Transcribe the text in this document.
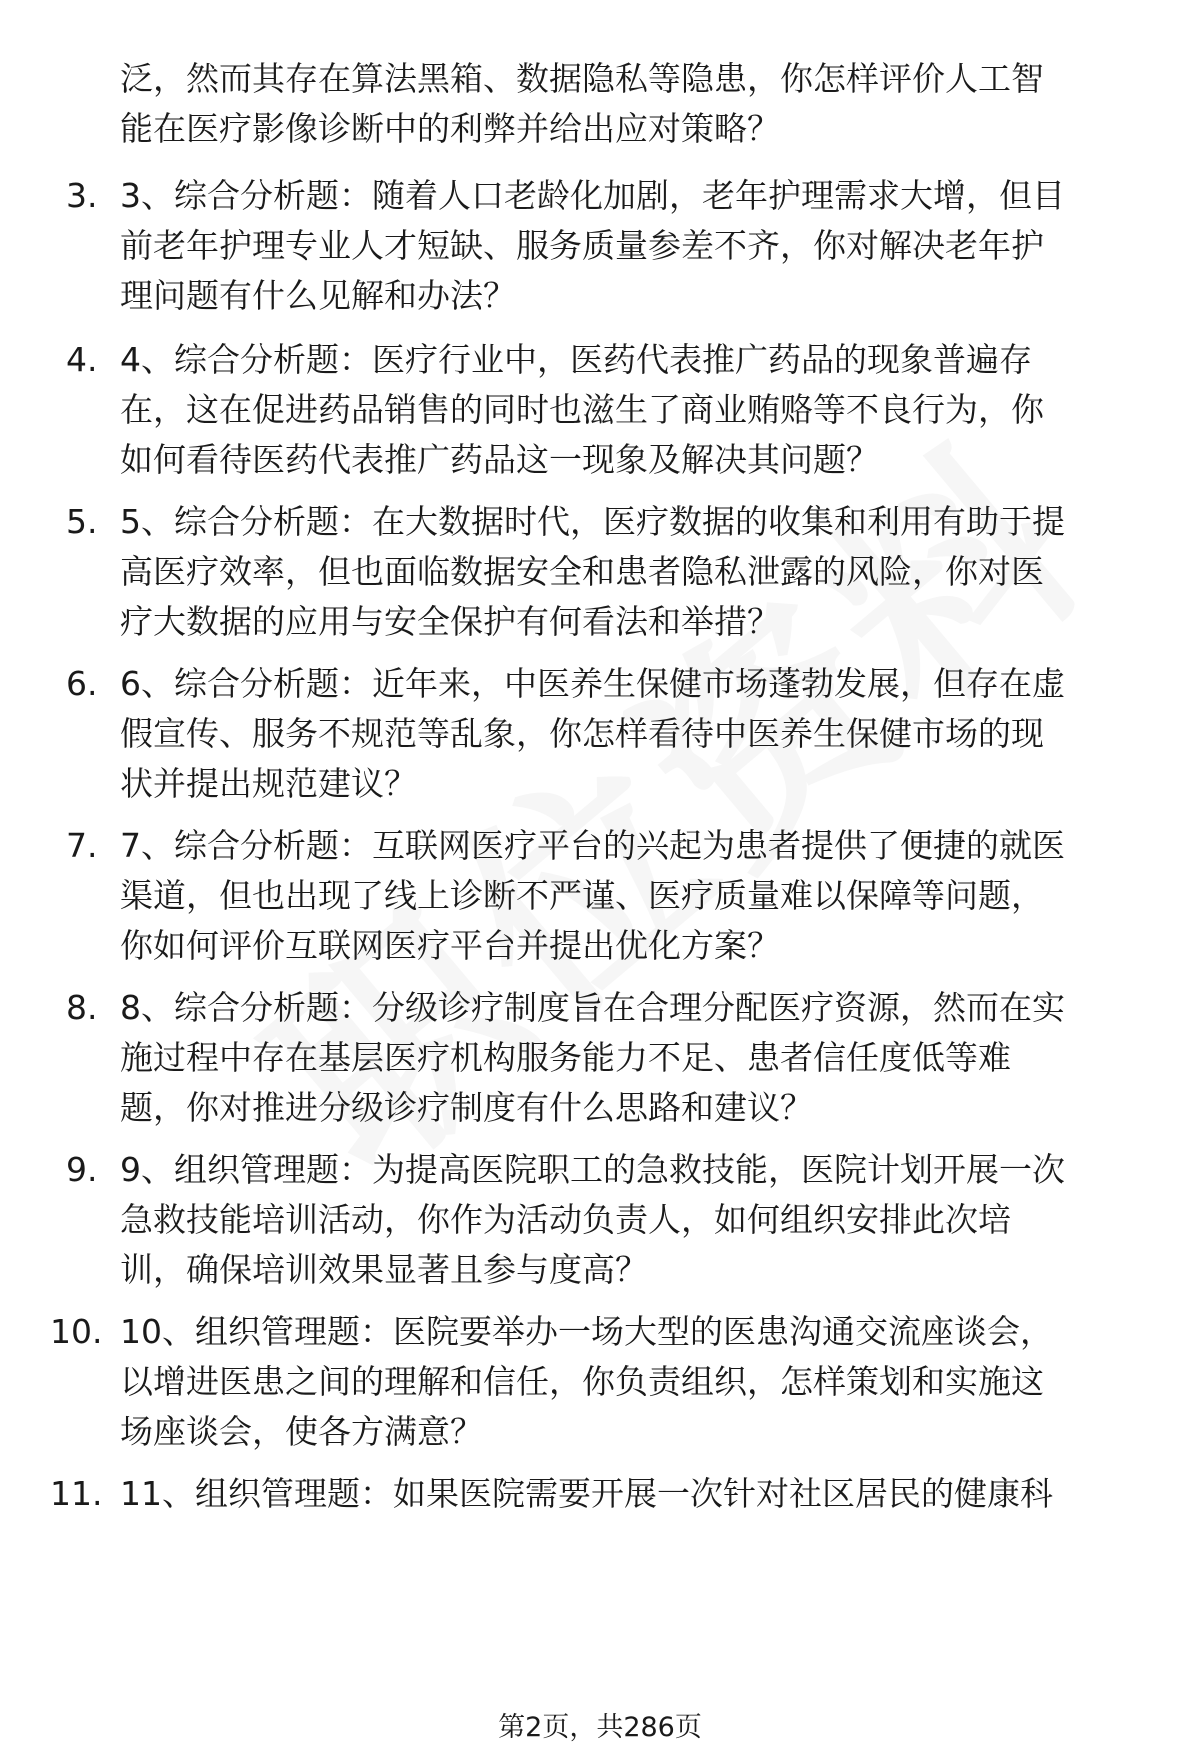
泛，然而其存在算法黑箱、数据隐私等隐患，你怎样评价人工智
能在医疗影像诊断中的利弊并给出应对策略？
3. 3、综合分析题：随着人口老龄化加剧，老年护理需求大增，但目
前老年护理专业人才短缺、服务质量参差不齐，你对解决老年护
理问题有什么见解和办法？
4. 4、综合分析题：医疗行业中，医药代表推广药品的现象普遍存
在，这在促进药品销售的同时也滋生了商业贿赂等不良行为，你
如何看待医药代表推广药品这一现象及解决其问题？
5. 5、综合分析题：在大数据时代，医疗数据的收集和利用有助于提
高医疗效率，但也面临数据安全和患者隐私泄露的风险，你对医
疗大数据的应用与安全保护有何看法和举措？
6. 6、综合分析题：近年来，中医养生保健市场蓬勃发展，但存在虚
假宣传、服务不规范等乱象，你怎样看待中医养生保健市场的现
状并提出规范建议？
7. 7、综合分析题：互联网医疗平台的兴起为患者提供了便捷的就医
渠道，但也出现了线上诊断不严谨、医疗质量难以保障等问题，
你如何评价互联网医疗平台并提出优化方案？
8. 8、综合分析题：分级诊疗制度旨在合理分配医疗资源，然而在实
施过程中存在基层医疗机构服务能力不足、患者信任度低等难
题，你对推进分级诊疗制度有什么思路和建议？
9. 9、组织管理题：为提高医院职工的急救技能，医院计划开展一次
急救技能培训活动，你作为活动负责人，如何组织安排此次培
训，确保培训效果显著且参与度高？
10. 10、组织管理题：医院要举办一场大型的医患沟通交流座谈会，
以增进医患之间的理解和信任，你负责组织，怎样策划和实施这
场座谈会，使各方满意？
11. 11、组织管理题：如果医院需要开展一次针对社区居民的健康科
第2页，共286页
